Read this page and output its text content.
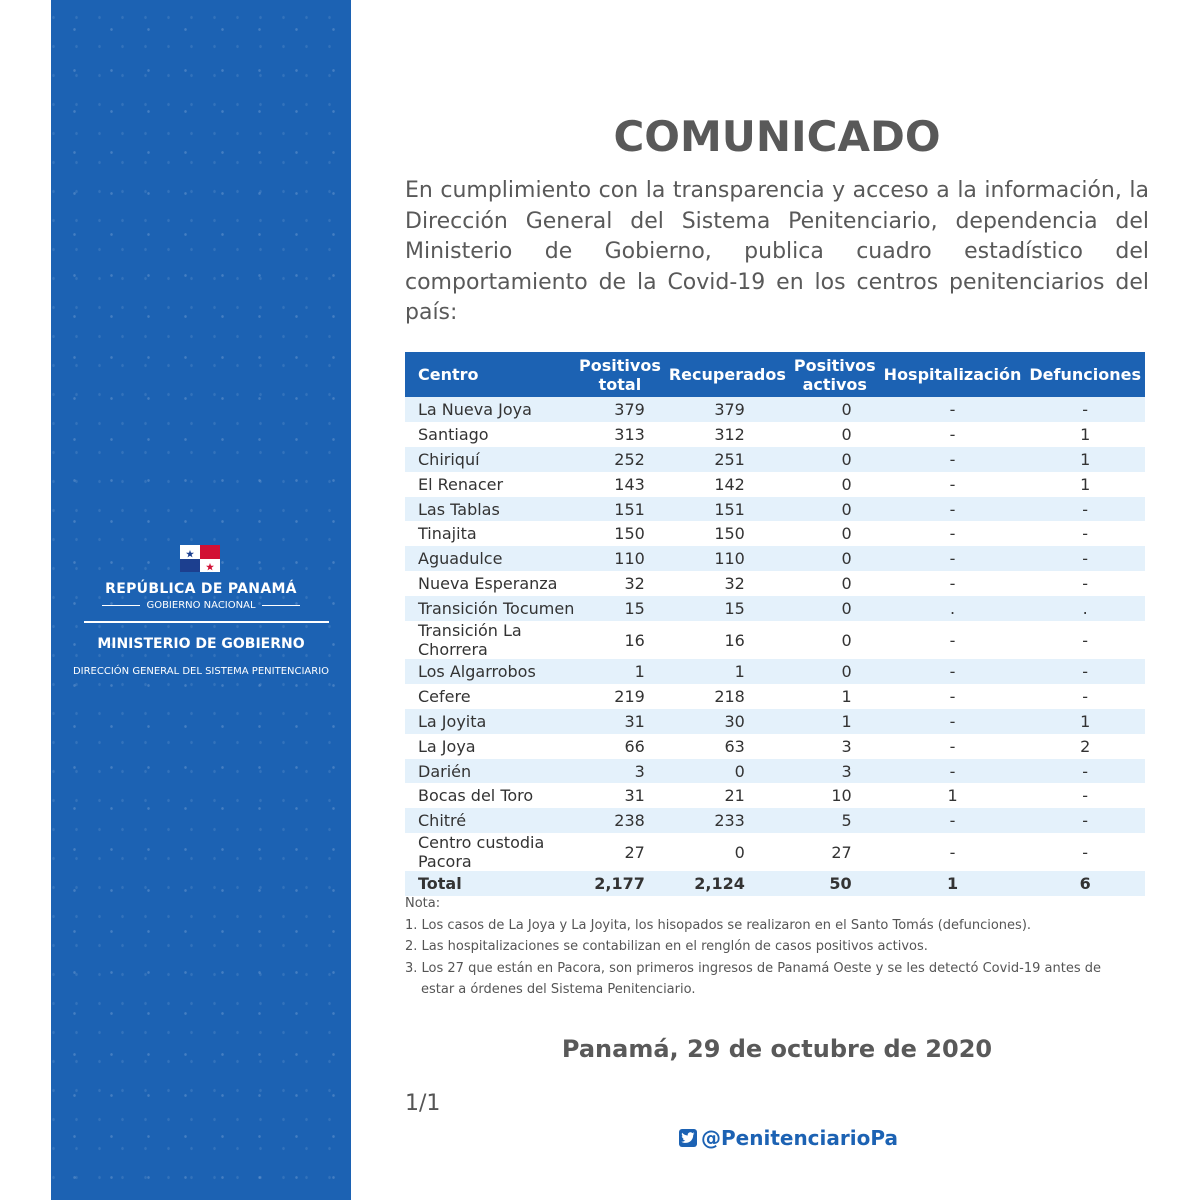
REPÚBLICA DE PANAMÁ
GOBIERNO NACIONAL
MINISTERIO DE GOBIERNO
DIRECCIÓN GENERAL DEL SISTEMA PENITENCIARIO
COMUNICADO
En cumplimiento con la transparencia y acceso a la información, la Dirección General del Sistema Penitenciario, dependencia del Ministerio de Gobierno, publica cuadro estadístico del comportamiento de la Covid-19 en los centros penitenciarios del país:
Centro	Positivos total	Recuperados	Positivos activos	Hospitalización	Defunciones
La Nueva Joya	379	379	0	-	-
Santiago	313	312	0	-	1
Chiriquí	252	251	0	-	1
El Renacer	143	142	0	-	1
Las Tablas	151	151	0	-	-
Tinajita	150	150	0	-	-
Aguadulce	110	110	0	-	-
Nueva Esperanza	32	32	0	-	-
Transición Tocumen	15	15	0	.	.
Transición La Chorrera	16	16	0	-	-
Los Algarrobos	1	1	0	-	-
Cefere	219	218	1	-	-
La Joyita	31	30	1	-	1
La Joya	66	63	3	-	2
Darién	3	0	3	-	-
Bocas del Toro	31	21	10	1	-
Chitré	238	233	5	-	-
Centro custodia Pacora	27	0	27	-	-
Total	2,177	2,124	50	1	6
Nota:
1. Los casos de La Joya y La Joyita, los hisopados se realizaron en el Santo Tomás (defunciones).
2. Las hospitalizaciones se contabilizan en el renglón de casos positivos activos.
3. Los 27 que están en Pacora, son primeros ingresos de Panamá Oeste y se les detectó Covid-19 antes de
estar a órdenes del Sistema Penitenciario.
Panamá, 29 de octubre de 2020
1/1
@PenitenciarioPa
